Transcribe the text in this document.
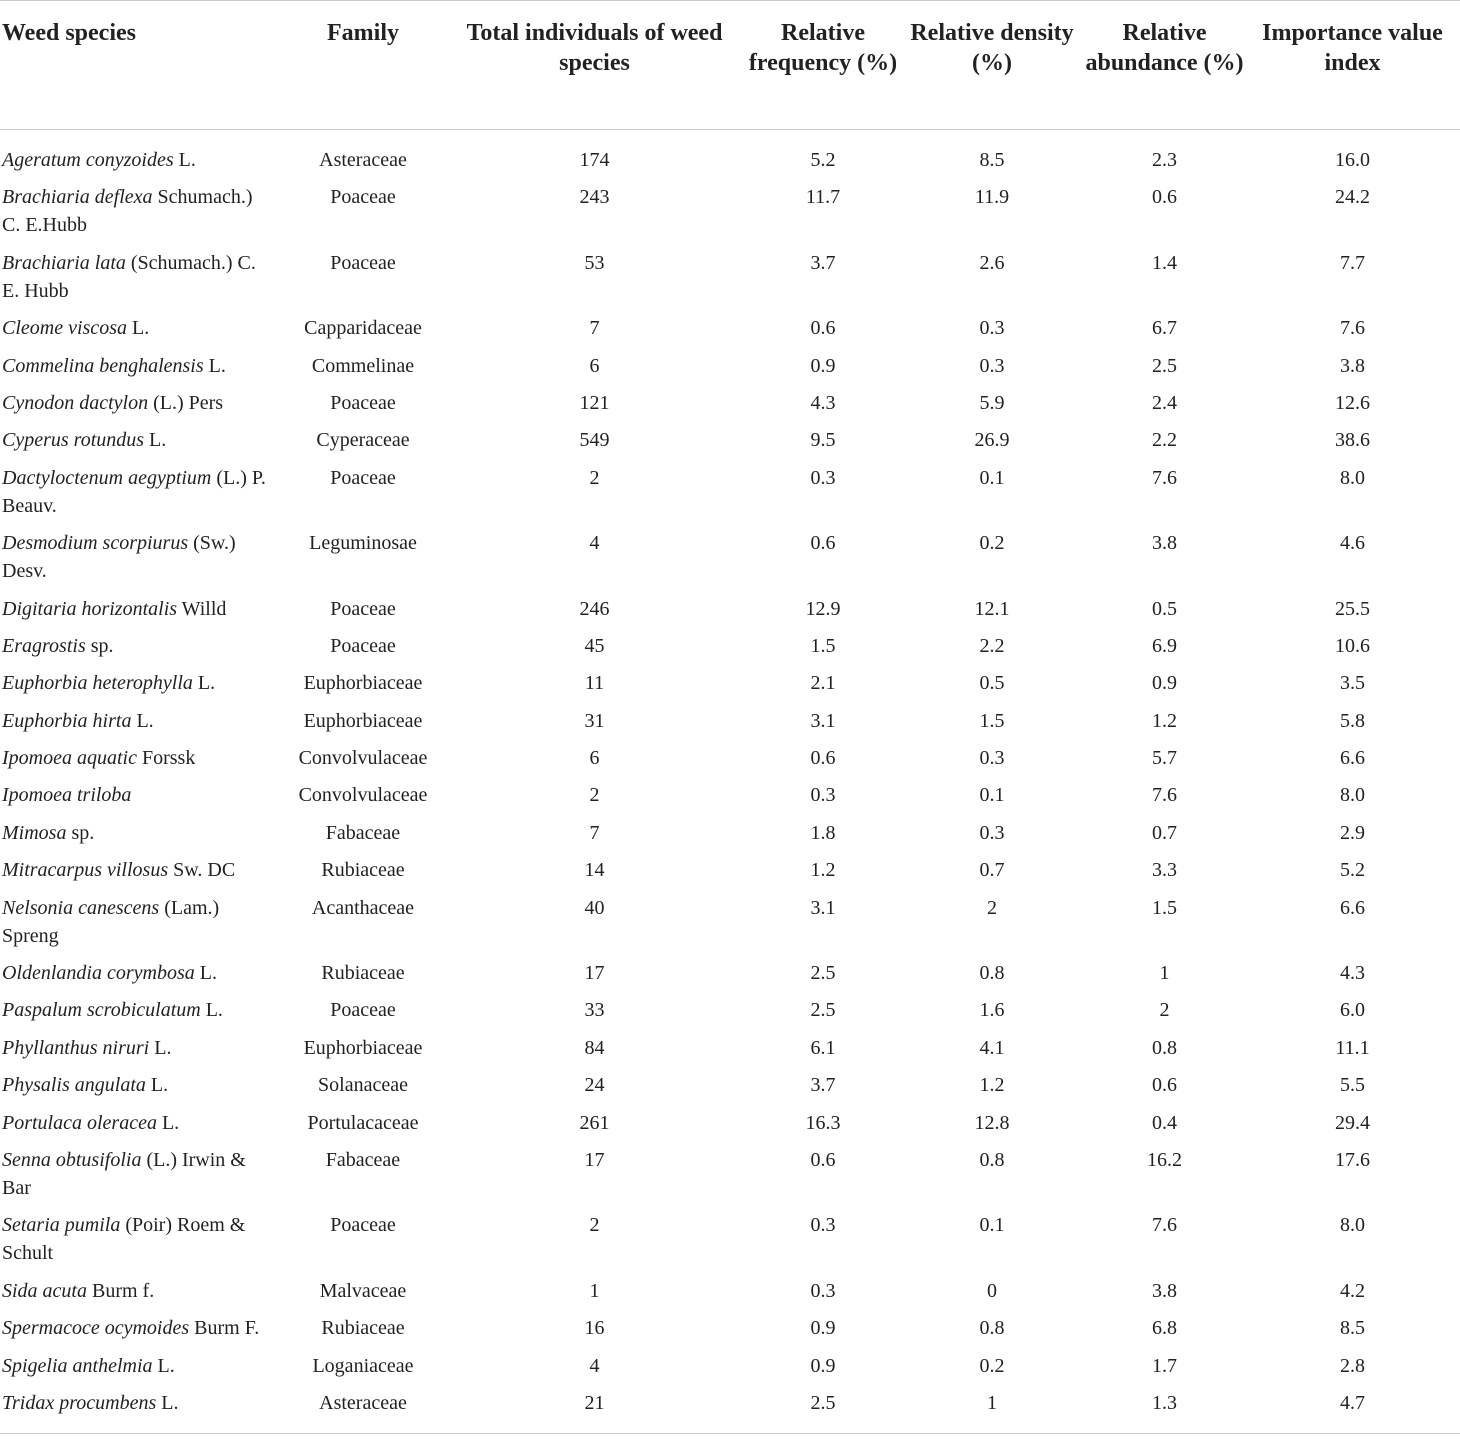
Weed species	Family	Total individuals of weed species	Relative frequency (%)	Relative density (%)	Relative abundance (%)	Importance value index
Ageratum conyzoides L.	Asteraceae	174	5.2	8.5	2.3	16.0
Brachiaria deflexa Schumach.) C. E.Hubb	Poaceae	243	11.7	11.9	0.6	24.2
Brachiaria lata (Schumach.) C. E. Hubb	Poaceae	53	3.7	2.6	1.4	7.7
Cleome viscosa L.	Capparidaceae	7	0.6	0.3	6.7	7.6
Commelina benghalensis L.	Commelinae	6	0.9	0.3	2.5	3.8
Cynodon dactylon (L.) Pers	Poaceae	121	4.3	5.9	2.4	12.6
Cyperus rotundus L.	Cyperaceae	549	9.5	26.9	2.2	38.6
Dactyloctenum aegyptium (L.) P. Beauv.	Poaceae	2	0.3	0.1	7.6	8.0
Desmodium scorpiurus (Sw.) Desv.	Leguminosae	4	0.6	0.2	3.8	4.6
Digitaria horizontalis Willd	Poaceae	246	12.9	12.1	0.5	25.5
Eragrostis sp.	Poaceae	45	1.5	2.2	6.9	10.6
Euphorbia heterophylla L.	Euphorbiaceae	11	2.1	0.5	0.9	3.5
Euphorbia hirta L.	Euphorbiaceae	31	3.1	1.5	1.2	5.8
Ipomoea aquatic Forssk	Convolvulaceae	6	0.6	0.3	5.7	6.6
Ipomoea triloba	Convolvulaceae	2	0.3	0.1	7.6	8.0
Mimosa sp.	Fabaceae	7	1.8	0.3	0.7	2.9
Mitracarpus villosus Sw. DC	Rubiaceae	14	1.2	0.7	3.3	5.2
Nelsonia canescens (Lam.) Spreng	Acanthaceae	40	3.1	2	1.5	6.6
Oldenlandia corymbosa L.	Rubiaceae	17	2.5	0.8	1	4.3
Paspalum scrobiculatum L.	Poaceae	33	2.5	1.6	2	6.0
Phyllanthus niruri L.	Euphorbiaceae	84	6.1	4.1	0.8	11.1
Physalis angulata L.	Solanaceae	24	3.7	1.2	0.6	5.5
Portulaca oleracea L.	Portulacaceae	261	16.3	12.8	0.4	29.4
Senna obtusifolia (L.) Irwin & Bar	Fabaceae	17	0.6	0.8	16.2	17.6
Setaria pumila (Poir) Roem & Schult	Poaceae	2	0.3	0.1	7.6	8.0
Sida acuta Burm f.	Malvaceae	1	0.3	0	3.8	4.2
Spermacoce ocymoides Burm F.	Rubiaceae	16	0.9	0.8	6.8	8.5
Spigelia anthelmia L.	Loganiaceae	4	0.9	0.2	1.7	2.8
Tridax procumbens L.	Asteraceae	21	2.5	1	1.3	4.7
